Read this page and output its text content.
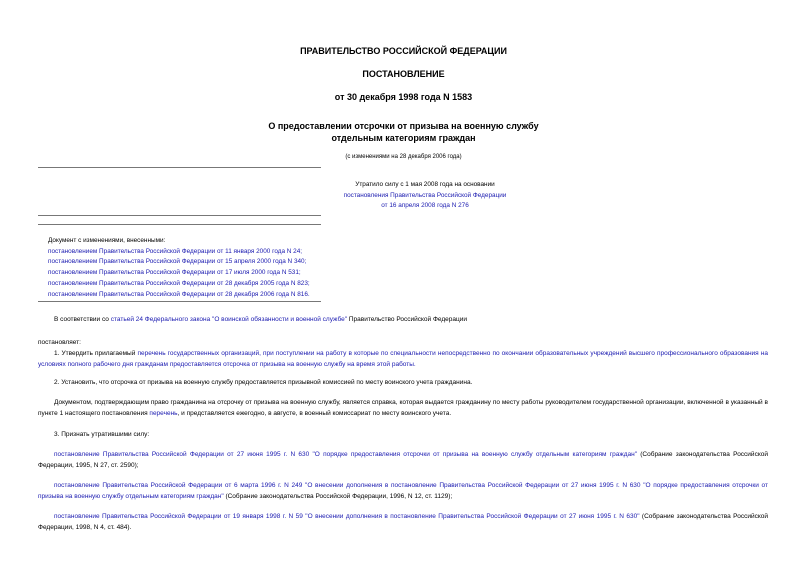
ПРАВИТЕЛЬСТВО РОССИЙСКОЙ ФЕДЕРАЦИИ
ПОСТАНОВЛЕНИЕ
от 30 декабря 1998 года N 1583
О предоставлении отсрочки от призыва на военную службу
отдельным категориям граждан
(с изменениями на 28 декабря 2006 года)
Утратило силу с 1 мая 2008 года на основании
постановления Правительства Российской Федерации
от 16 апреля 2008 года N 276
Документ с изменениями, внесенными:
постановлением Правительства Российской Федерации от 11 января 2000 года N 24;
постановлением Правительства Российской Федерации от 15 апреля 2000 года N 340;
постановлением Правительства Российской Федерации от 17 июля 2000 года N 531;
постановлением Правительства Российской Федерации от 28 декабря 2005 года N 823;
постановлением Правительства Российской Федерации от 28 декабря 2006 года N 816.
В соответствии со статьей 24 Федерального закона "О воинской обязанности и военной службе" Правительство Российской Федерации
постановляет:
1. Утвердить прилагаемый перечень государственных организаций, при поступлении на работу в которые по специальности непосредственно по окончании образовательных учреждений высшего профессионального образования на условиях полного рабочего дня гражданам предоставляется отсрочка от призыва на военную службу на время этой работы.
2. Установить, что отсрочка от призыва на военную службу предоставляется призывной комиссией по месту воинского учета гражданина.
Документом, подтверждающим право гражданина на отсрочку от призыва на военную службу, является справка, которая выдается гражданину по месту работы руководителем государственной организации, включенной в указанный в пункте 1 настоящего постановления перечень, и представляется ежегодно, в августе, в военный комиссариат по месту воинского учета.
3. Признать утратившими силу:
постановление Правительства Российской Федерации от 27 июня 1995 г. N 630 "О порядке предоставления отсрочки от призыва на военную службу отдельным категориям граждан" (Собрание законодательства Российской Федерации, 1995, N 27, ст. 2590);
постановление Правительства Российской Федерации от 6 марта 1996 г. N 249 "О внесении дополнения в постановление Правительства Российской Федерации от 27 июня 1995 г. N 630 "О порядке предоставления отсрочки от призыва на военную службу отдельным категориям граждан" (Собрание законодательства Российской Федерации, 1996, N 12, ст. 1129);
постановление Правительства Российской Федерации от 19 января 1998 г. N 59 "О внесении дополнения в постановление Правительства Российской Федерации от 27 июня 1995 г. N 630" (Собрание законодательства Российской Федерации, 1998, N 4, ст. 484).
